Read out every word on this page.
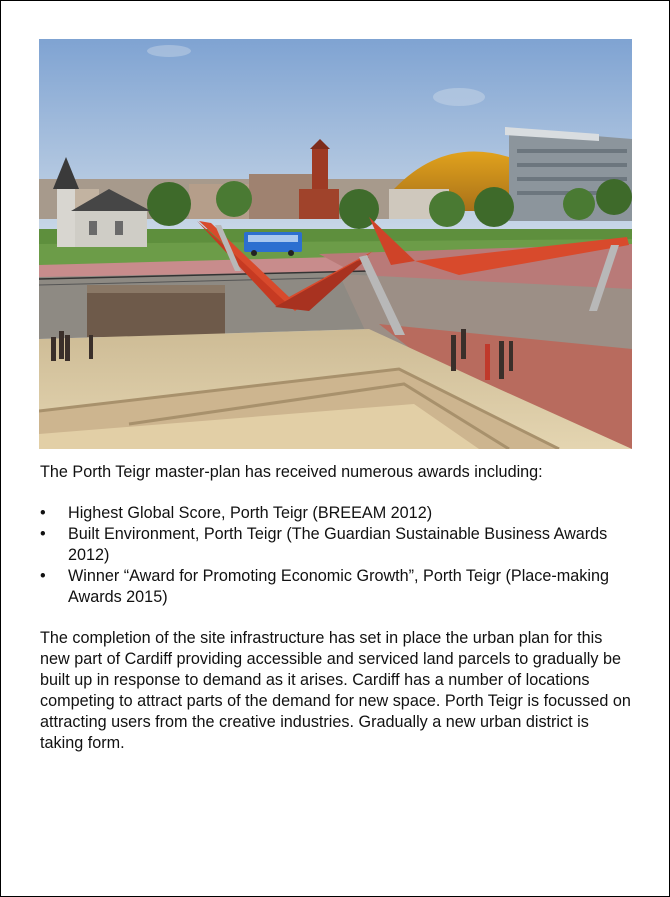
The Porth Teigr master-plan has received numerous awards including:

• Highest Global Score, Porth Teigr (BREEAM 2012)
• Built Environment, Porth Teigr (The Guardian Sustainable Business Awards 2012)
• Winner “Award for Promoting Economic Growth”, Porth Teigr (Place-making Awards 2015)

The completion of the site infrastructure has set in place the urban plan for this new part of Cardiff providing accessible and serviced land parcels to gradually be built up in response to demand as it arises. Cardiff has a number of locations competing to attract parts of the demand for new space. Porth Teigr is focussed on attracting users from the creative industries. Gradually a new urban district is taking form.
